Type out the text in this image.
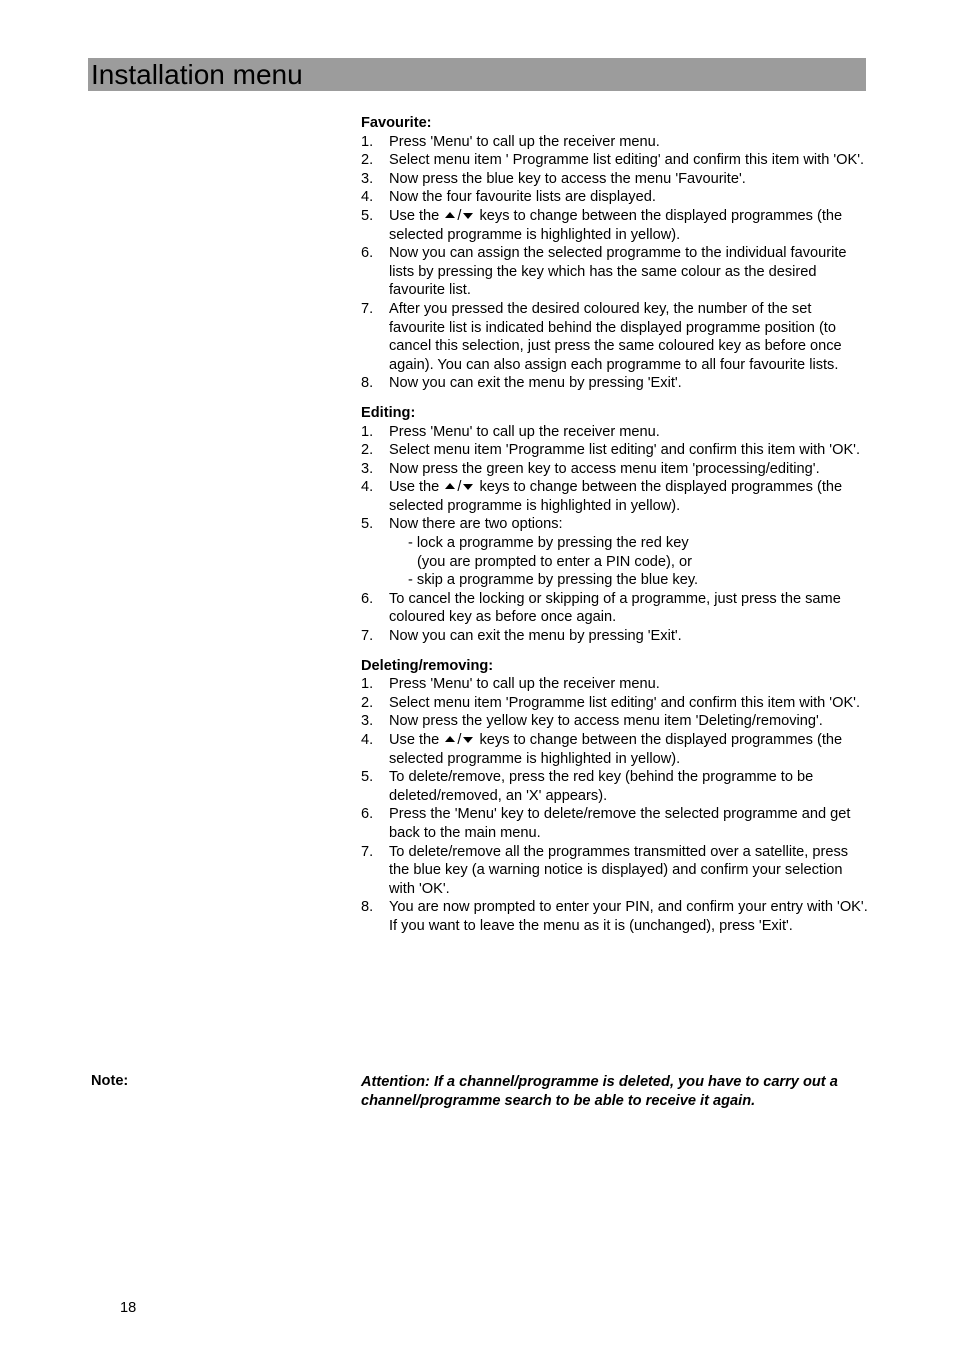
Installation menu

Favourite:

1. Press 'Menu' to call up the receiver menu.
2. Select menu item ' Programme list editing' and confirm this item with 'OK'.
3. Now press the blue key to access the menu 'Favourite'.
4. Now the four favourite lists are displayed.
5. Use the / keys to change between the displayed programmes (the selected programme is highlighted in yellow).
6. Now you can assign the selected programme to the individual favourite lists by pressing the key which has the same colour as the desired favourite list.
7. After you pressed the desired coloured key, the number of the set favourite list is indicated behind the displayed programme position (to cancel this selection, just press the same coloured key as before once again). You can also assign each programme to all four favourite lists.
8. Now you can exit the menu by pressing 'Exit'.

Editing:

1. Press 'Menu' to call up the receiver menu.
2. Select menu item 'Programme list editing' and confirm this item with 'OK'.
3. Now press the green key to access menu item 'processing/editing'.
4. Use the / keys to change between the displayed programmes (the selected programme is highlighted in yellow).
5. Now there are two options:
- lock a programme by pressing the red key
(you are prompted to enter a PIN code), or
- skip a programme by pressing the blue key.
6. To cancel the locking or skipping of a programme, just press the same coloured key as before once again.
7. Now you can exit the menu by pressing 'Exit'.

Deleting/removing:

1. Press 'Menu' to call up the receiver menu.
2. Select menu item 'Programme list editing' and confirm this item with 'OK'.
3. Now press the yellow key to access menu item 'Deleting/removing'.
4. Use the / keys to change between the displayed programmes (the selected programme is highlighted in yellow).
5. To delete/remove, press the red key (behind the programme to be deleted/removed, an 'X' appears).
6. Press the 'Menu' key to delete/remove the selected programme and get back to the main menu.
7. To delete/remove all the programmes transmitted over a satellite, press the blue key (a warning notice is displayed) and confirm your selection with 'OK'.
8. You are now prompted to enter your PIN, and confirm your entry with 'OK'. If you want to leave the menu as it is (unchanged), press 'Exit'.
Note:	Attention: If a channel/programme is deleted, you have to carry out a channel/programme search to be able to receive it again.
18
